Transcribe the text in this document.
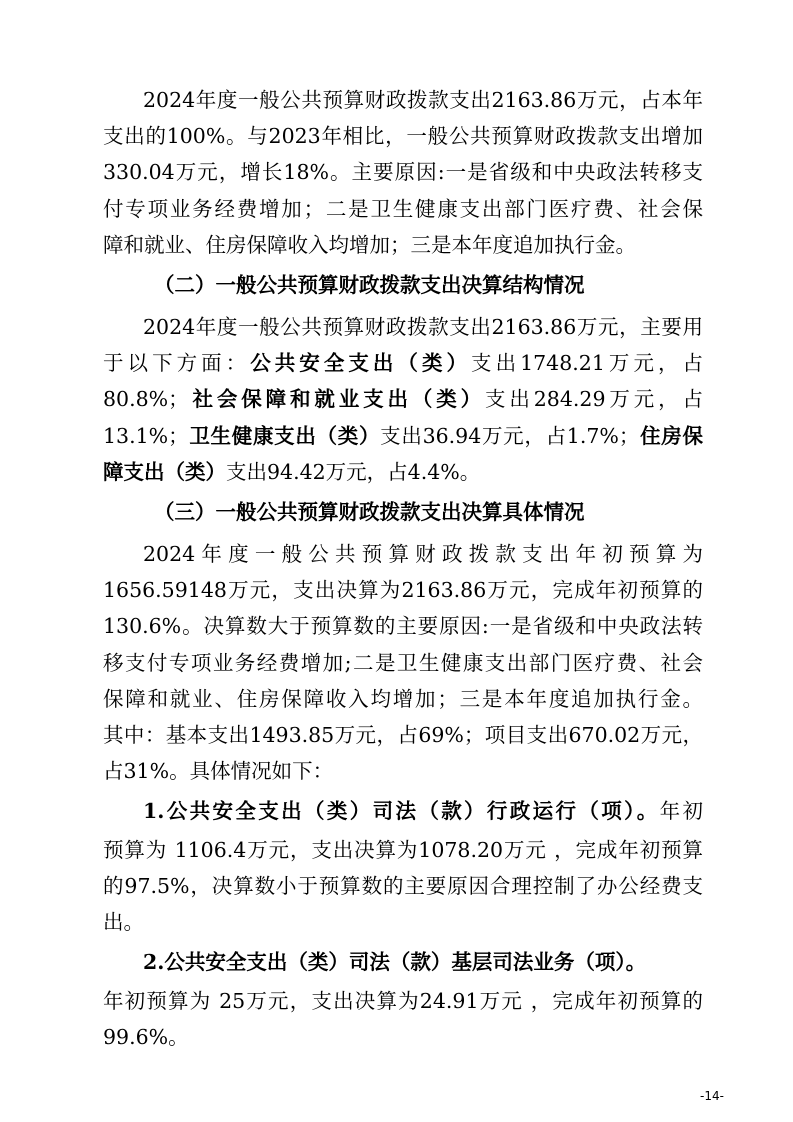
2024年度一般公共预算财政拨款支出2163.86万元，占本年
支出的100%。与2023年相比，一般公共预算财政拨款支出增加
330.04万元，增长18%。主要原因:一是省级和中央政法转移支
付专项业务经费增加；二是卫生健康支出部门医疗费、社会保
障和就业、住房保障收入均增加；三是本年度追加执行金。
（二）一般公共预算财政拨款支出决算结构情况
2024年度一般公共预算财政拨款支出2163.86万元，主要用
于以下方面：公共安全支出（类）支出1748.21万元，占
80.8%；社会保障和就业支出（类）支出284.29万元，占
13.1%；卫生健康支出（类）支出36.94万元，占1.7%；住房保
障支出（类）支出94.42万元，占4.4%。
（三）一般公共预算财政拨款支出决算具体情况
2024年度一般公共预算财政拨款支出年初预算为
1656.59148万元，支出决算为2163.86万元，完成年初预算的
130.6%。决算数大于预算数的主要原因:一是省级和中央政法转
移支付专项业务经费增加;二是卫生健康支出部门医疗费、社会
保障和就业、住房保障收入均增加；三是本年度追加执行金。
其中：基本支出1493.85万元，占69%；项目支出670.02万元，
占31%。具体情况如下：
1.公共安全支出（类）司法（款）行政运行（项）。年初
预算为 1106.4万元，支出决算为1078.20万元 ，完成年初预算
的97.5%，决算数小于预算数的主要原因合理控制了办公经费支
出。
2.公共安全支出（类）司法（款）基层司法业务（项）。
年初预算为 25万元，支出决算为24.91万元 ，完成年初预算的
99.6%。
-14-
